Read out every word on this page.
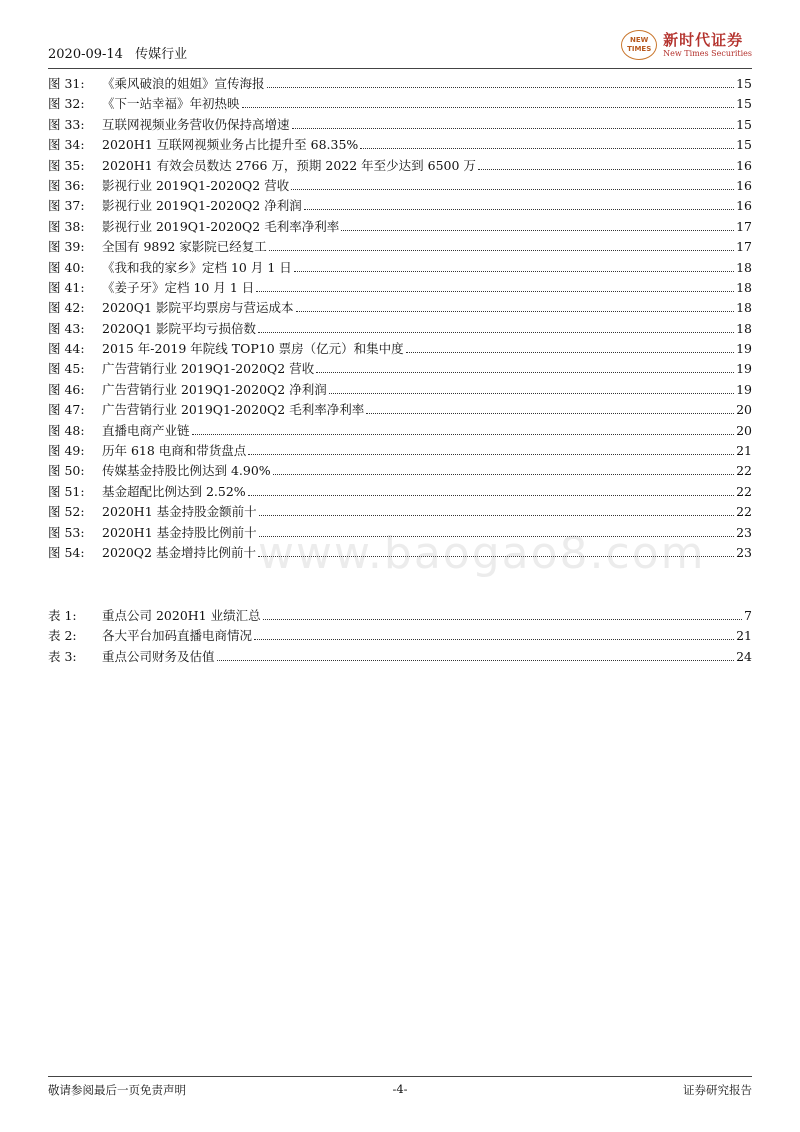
2020-09-14 传媒行业
NEW TIMES
新时代证券
New Times Securities
图 31:	《乘风破浪的姐姐》宣传海报	15
图 32:	《下一站幸福》年初热映	15
图 33:	互联网视频业务营收仍保持高增速	15
图 34:	2020H1 互联网视频业务占比提升至 68.35%	15
图 35:	2020H1 有效会员数达 2766 万，预期 2022 年至少达到 6500 万	16
图 36:	影视行业 2019Q1-2020Q2 营收	16
图 37:	影视行业 2019Q1-2020Q2 净利润	16
图 38:	影视行业 2019Q1-2020Q2 毛利率净利率	17
图 39:	全国有 9892 家影院已经复工	17
图 40:	《我和我的家乡》定档 10 月 1 日	18
图 41:	《姜子牙》定档 10 月 1 日	18
图 42:	2020Q1 影院平均票房与营运成本	18
图 43:	2020Q1 影院平均亏损倍数	18
图 44:	2015 年-2019 年院线 TOP10 票房（亿元）和集中度	19
图 45:	广告营销行业 2019Q1-2020Q2 营收	19
图 46:	广告营销行业 2019Q1-2020Q2 净利润	19
图 47:	广告营销行业 2019Q1-2020Q2 毛利率净利率	20
图 48:	直播电商产业链	20
图 49:	历年 618 电商和带货盘点	21
图 50:	传媒基金持股比例达到 4.90%	22
图 51:	基金超配比例达到 2.52%	22
图 52:	2020H1 基金持股金额前十	22
图 53:	2020H1 基金持股比例前十	23
图 54:	2020Q2 基金增持比例前十	23
表 1:	重点公司 2020H1 业绩汇总	7
表 2:	各大平台加码直播电商情况	21
表 3:	重点公司财务及估值	24
www.baogao8.com
敬请参阅最后一页免责声明	-4-	证券研究报告
